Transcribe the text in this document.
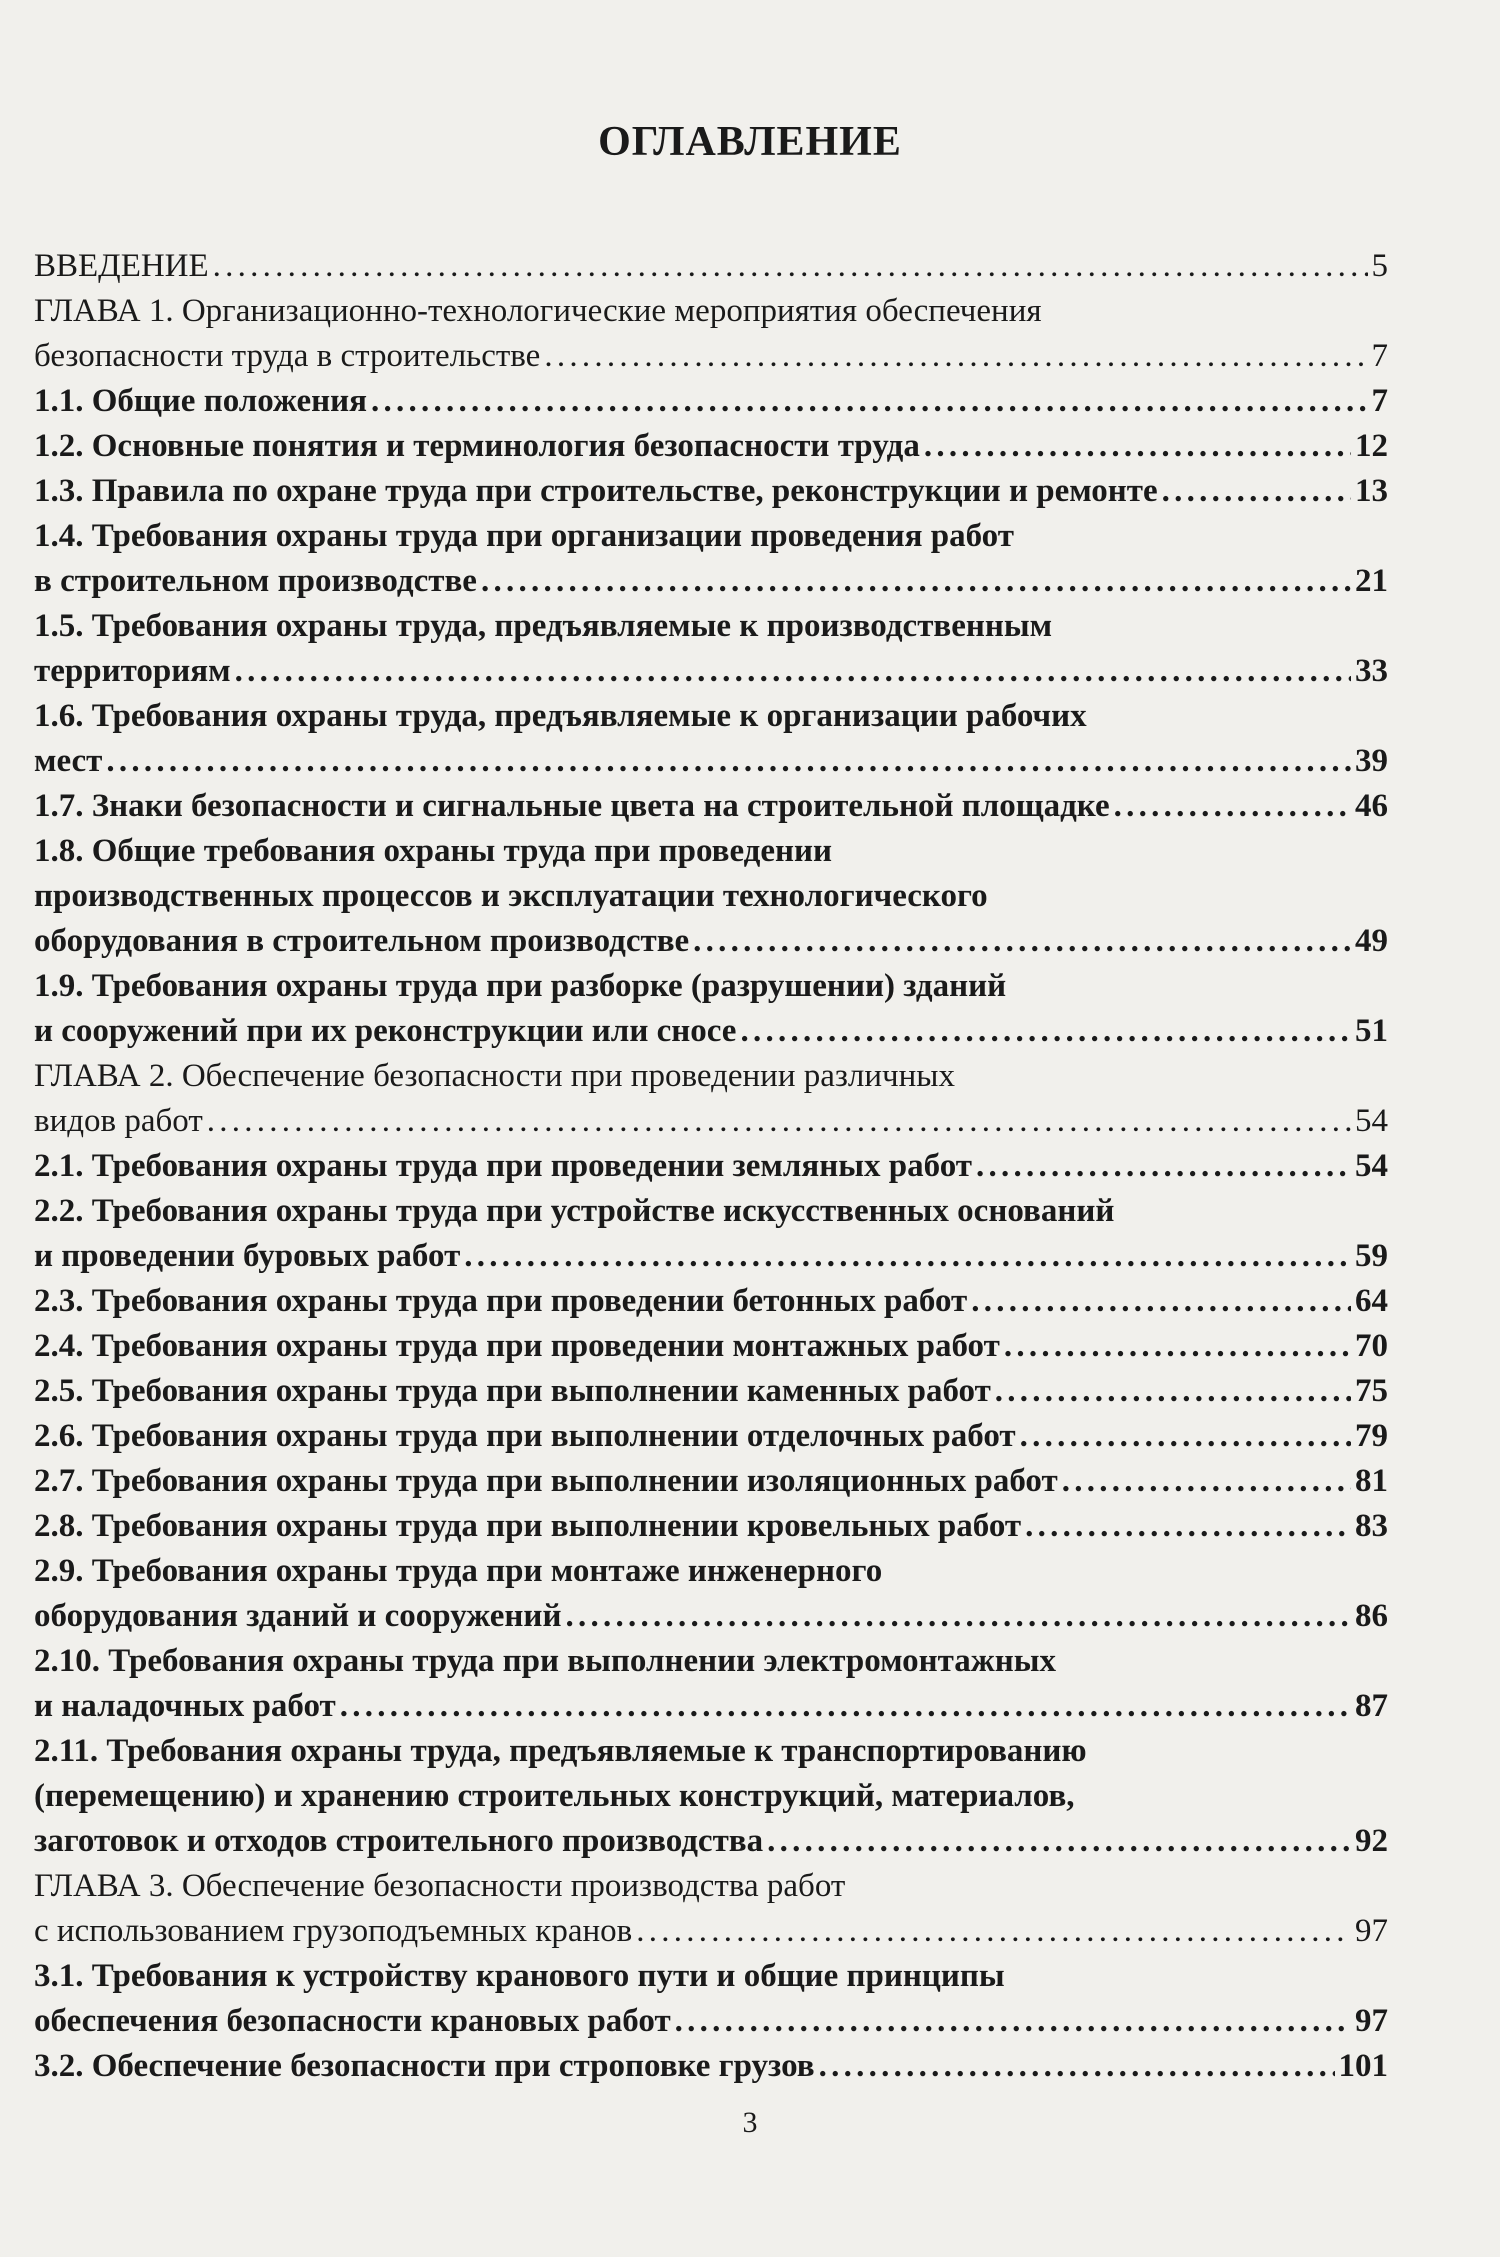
ОГЛАВЛЕНИЕ
ВВЕДЕНИЕ . . .	5
ГЛАВА 1. Организационно-технологические мероприятия обеспечения
безопасности труда в строительстве . . .	7
1.1. Общие положения . . .	7
1.2. Основные понятия и терминология безопасности труда . . .	12
1.3. Правила по охране труда при строительстве, реконструкции и ремонте . . .	13
1.4. Требования охраны труда при организации проведения работ
в строительном производстве . . .	21
1.5. Требования охраны труда, предъявляемые к производственным
территориям . . .	33
1.6. Требования охраны труда, предъявляемые к организации рабочих
мест . . .	39
1.7. Знаки безопасности и сигнальные цвета на строительной площадке . . .	46
1.8. Общие требования охраны труда при проведении
производственных процессов и эксплуатации технологического
оборудования в строительном производстве . . .	49
1.9. Требования охраны труда при разборке (разрушении) зданий
и сооружений при их реконструкции или сносе . . .	51
ГЛАВА 2. Обеспечение безопасности при проведении различных
видов работ . . .	54
2.1. Требования охраны труда при проведении земляных работ . . .	54
2.2. Требования охраны труда при устройстве искусственных оснований
и проведении буровых работ . . .	59
2.3. Требования охраны труда при проведении бетонных работ . . .	64
2.4. Требования охраны труда при проведении монтажных работ . . .	70
2.5. Требования охраны труда при выполнении каменных работ . . .	75
2.6. Требования охраны труда при выполнении отделочных работ . . .	79
2.7. Требования охраны труда при выполнении изоляционных работ . . .	81
2.8. Требования охраны труда при выполнении кровельных работ . . .	83
2.9. Требования охраны труда при монтаже инженерного
оборудования зданий и сооружений . . .	86
2.10. Требования охраны труда при выполнении электромонтажных
и наладочных работ . . .	87
2.11. Требования охраны труда, предъявляемые к транспортированию
(перемещению) и хранению строительных конструкций, материалов,
заготовок и отходов строительного производства . . .	92
ГЛАВА 3. Обеспечение безопасности производства работ
с использованием грузоподъемных кранов . . .	97
3.1. Требования к устройству кранового пути и общие принципы
обеспечения безопасности крановых работ . . .	97
3.2. Обеспечение безопасности при строповке грузов . . .	101
3
